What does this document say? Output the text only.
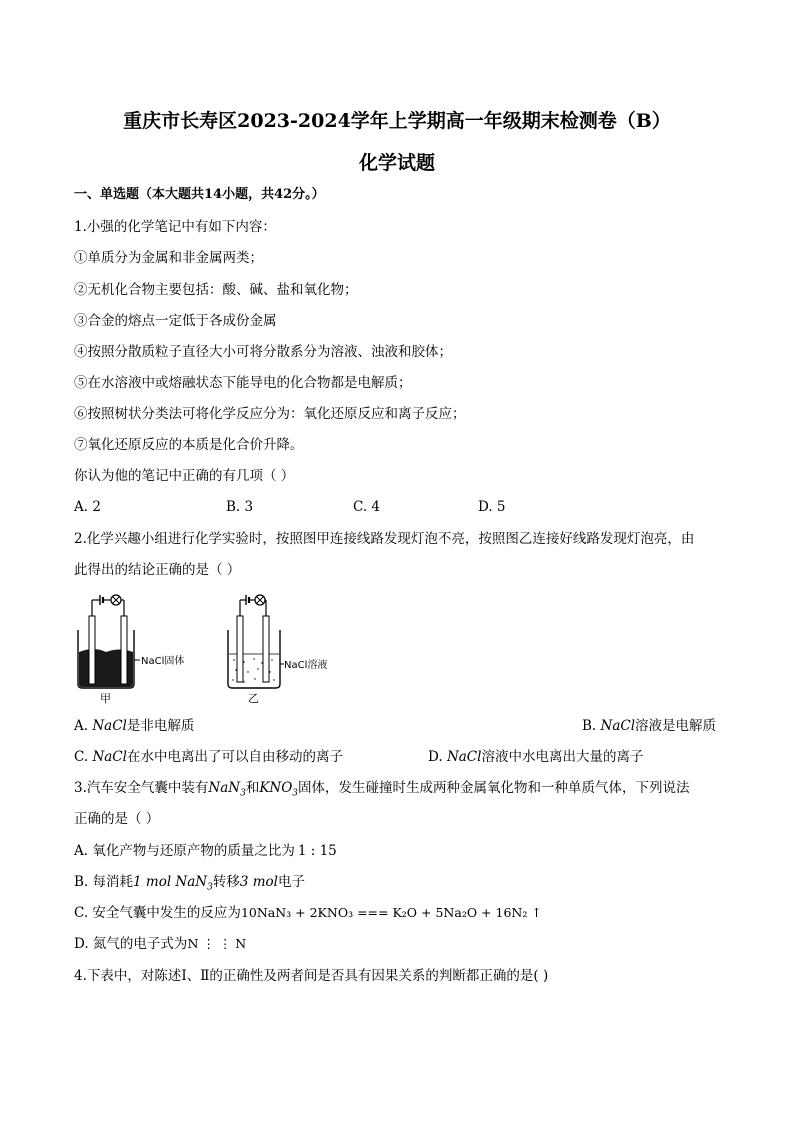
重庆市长寿区2023-2024学年上学期高一年级期末检测卷（B）
化学试题
一、单选题（本大题共14小题，共42分。）
1.小强的化学笔记中有如下内容：
①单质分为金属和非金属两类；
②无机化合物主要包括：酸、碱、盐和氧化物；
③合金的熔点一定低于各成份金属
④按照分散质粒子直径大小可将分散系分为溶液、浊液和胶体；
⑤在水溶液中或熔融状态下能导电的化合物都是电解质；
⑥按照树状分类法可将化学反应分为：氧化还原反应和离子反应；
⑦氧化还原反应的本质是化合价升降。
你认为他的笔记中正确的有几项（ ）
A. 2	B. 3	C. 4	D. 5
2.化学兴趣小组进行化学实验时，按照图甲连接线路发现灯泡不亮，按照图乙连接好线路发现灯泡亮，由
此得出的结论正确的是（ ）
NaCl固体
甲
NaCl溶液
乙
A. NaCl是非电解质	B. NaCl溶液是电解质
C. NaCl在水中电离出了可以自由移动的离子	D. NaCl溶液中水电离出大量的离子
3.汽车安全气囊中装有NaN$_3$和$KNO_3$固体，发生碰撞时生成两种金属氧化物和一种单质气体，下列说法
正确的是（ ）
A. 氧化产物与还原产物的质量之比为 1 : 15
B. 每消耗1 mol NaN$_3$转移3 mol电子
C. 安全气囊中发生的反应为10NaN₃ + 2KNO₃ === K₂O + 5Na₂O + 16N₂ ↑
D. 氮气的电子式为N ⋮ ⋮ N
4.下表中，对陈述Ⅰ、Ⅱ的正确性及两者间是否具有因果关系的判断都正确的是( )
